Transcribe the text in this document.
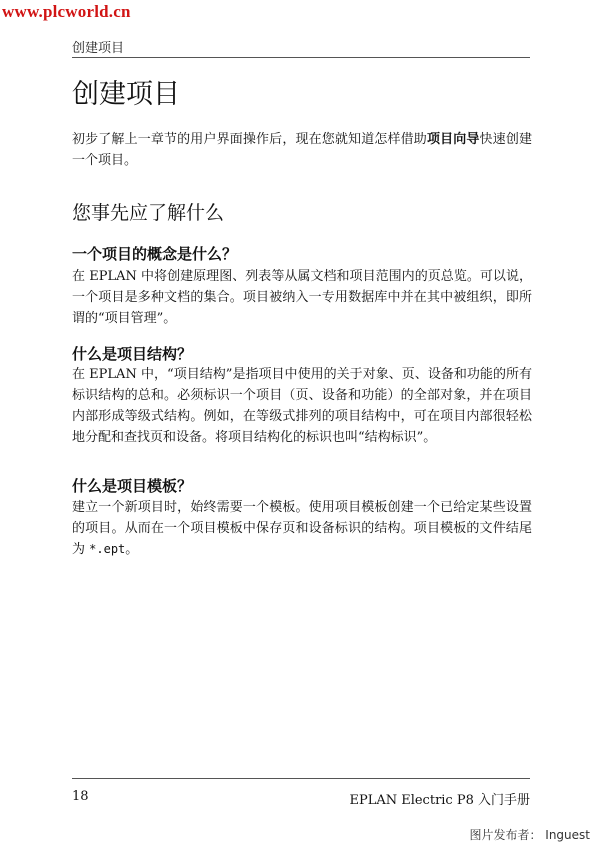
www.plcworld.cn
创建项目
创建项目
初步了解上一章节的用户界面操作后，现在您就知道怎样借助项目向导快速创建一个项目。
您事先应了解什么
一个项目的概念是什么？
在 EPLAN 中将创建原理图、列表等从属文档和项目范围内的页总览。可以说，一个项目是多种文档的集合。项目被纳入一专用数据库中并在其中被组织，即所谓的“项目管理”。
什么是项目结构？
在 EPLAN 中，“项目结构”是指项目中使用的关于对象、页、设备和功能的所有标识结构的总和。必须标识一个项目（页、设备和功能）的全部对象，并在项目内部形成等级式结构。例如，在等级式排列的项目结构中，可在项目内部很轻松地分配和查找页和设备。将项目结构化的标识也叫“结构标识”。
什么是项目模板？
建立一个新项目时，始终需要一个模板。使用项目模板创建一个已给定某些设置的项目。从而在一个项目模板中保存页和设备标识的结构。项目模板的文件结尾为 *.ept。
18	EPLAN Electric P8 入门手册
图片发布者： Inguest
